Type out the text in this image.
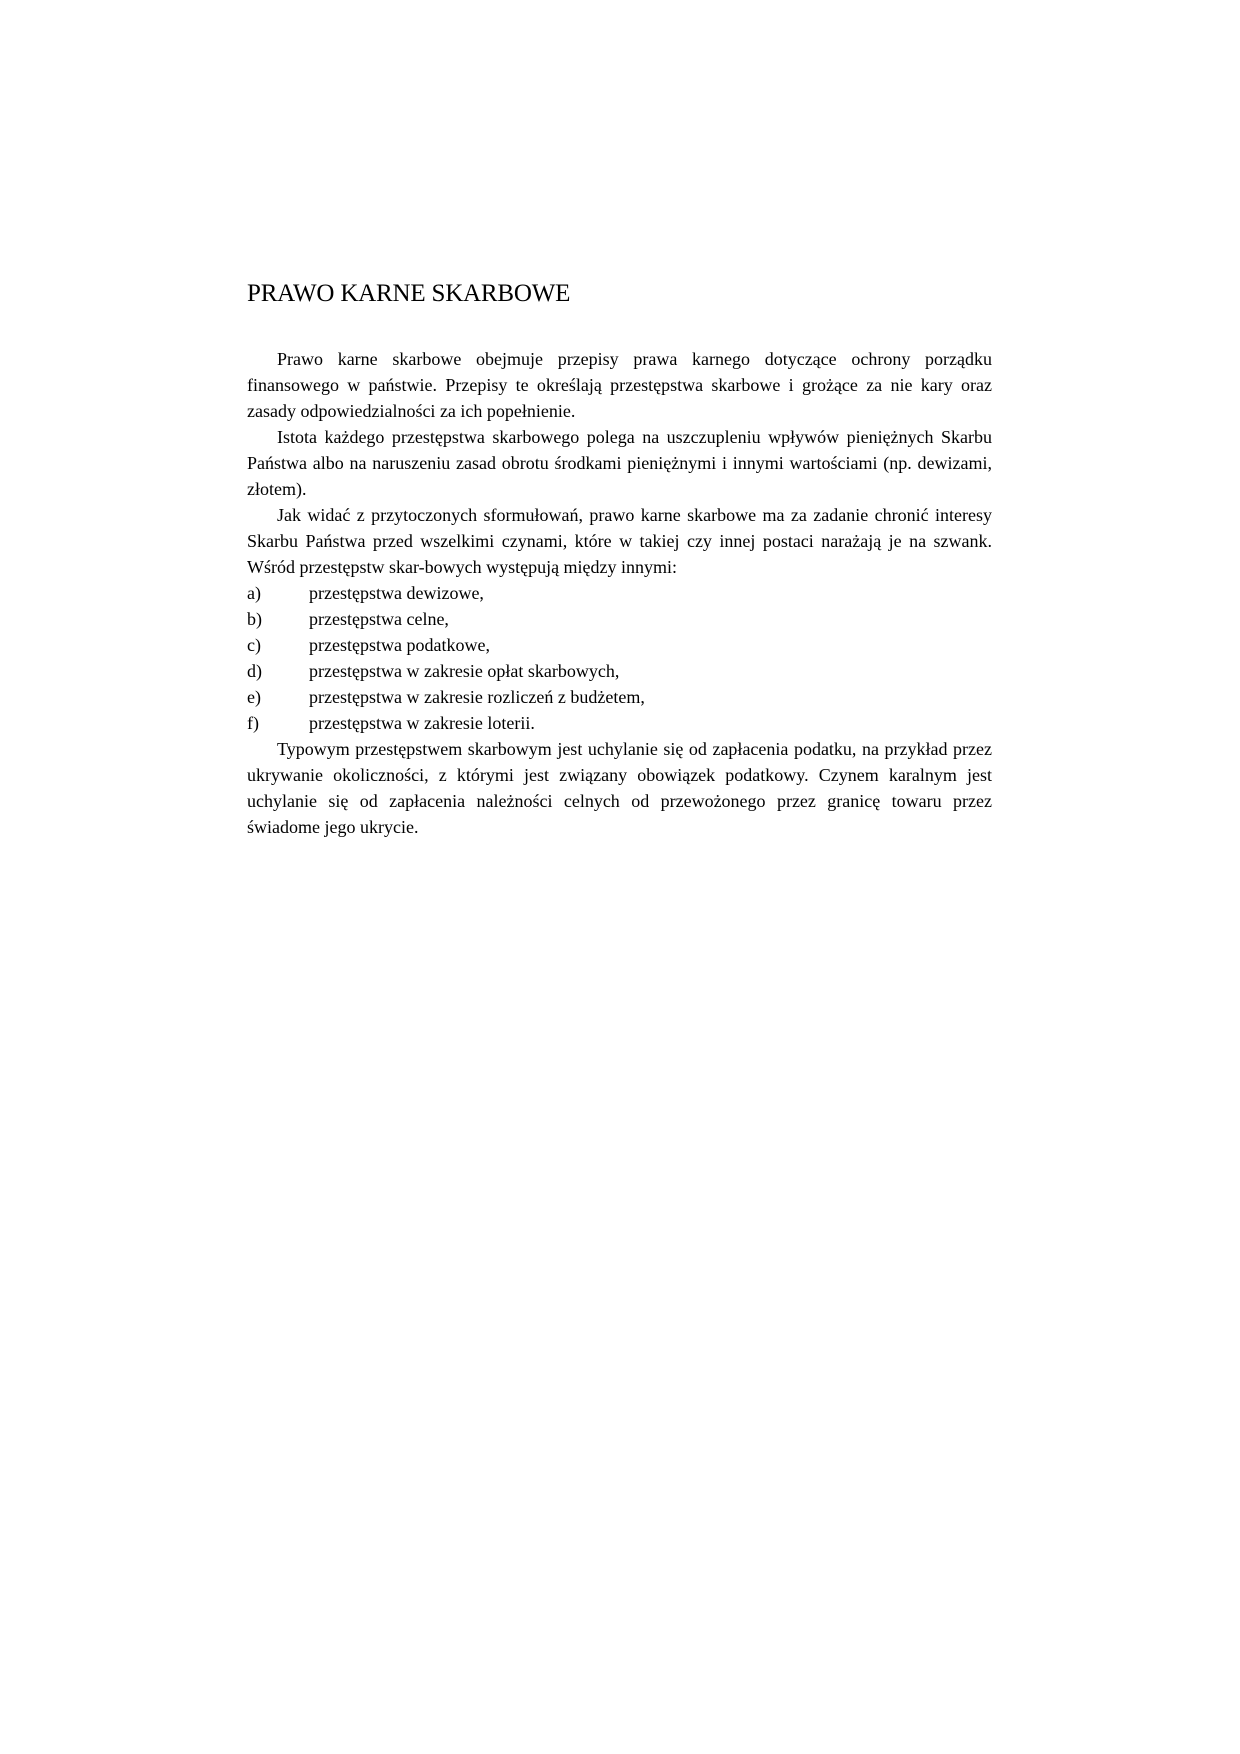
PRAWO KARNE SKARBOWE

Prawo karne skarbowe obejmuje przepisy prawa karnego dotyczące ochrony porządku finansowego w państwie. Przepisy te określają przestępstwa skarbowe i grożące za nie kary oraz zasady odpowiedzialności za ich popełnienie.

Istota każdego przestępstwa skarbowego polega na uszczupleniu wpływów pieniężnych Skarbu Państwa albo na naruszeniu zasad obrotu środkami pieniężnymi i innymi wartościami (np. dewizami, złotem).

Jak widać z przytoczonych sformułowań, prawo karne skarbowe ma za zadanie chronić interesy Skarbu Państwa przed wszelkimi czynami, które w takiej czy innej postaci narażają je na szwank. Wśród przestępstw skar-bowych występują między innymi:

a)	przestępstwa dewizowe,
b)	przestępstwa celne,
c)	przestępstwa podatkowe,
d)	przestępstwa w zakresie opłat skarbowych,
e)	przestępstwa w zakresie rozliczeń z budżetem,
f)	przestępstwa w zakresie loterii.

Typowym przestępstwem skarbowym jest uchylanie się od zapłacenia podatku, na przykład przez ukrywanie okoliczności, z którymi jest związany obowiązek podatkowy. Czynem karalnym jest uchylanie się od zapłacenia należności celnych od przewożonego przez granicę towaru przez świadome jego ukrycie.
